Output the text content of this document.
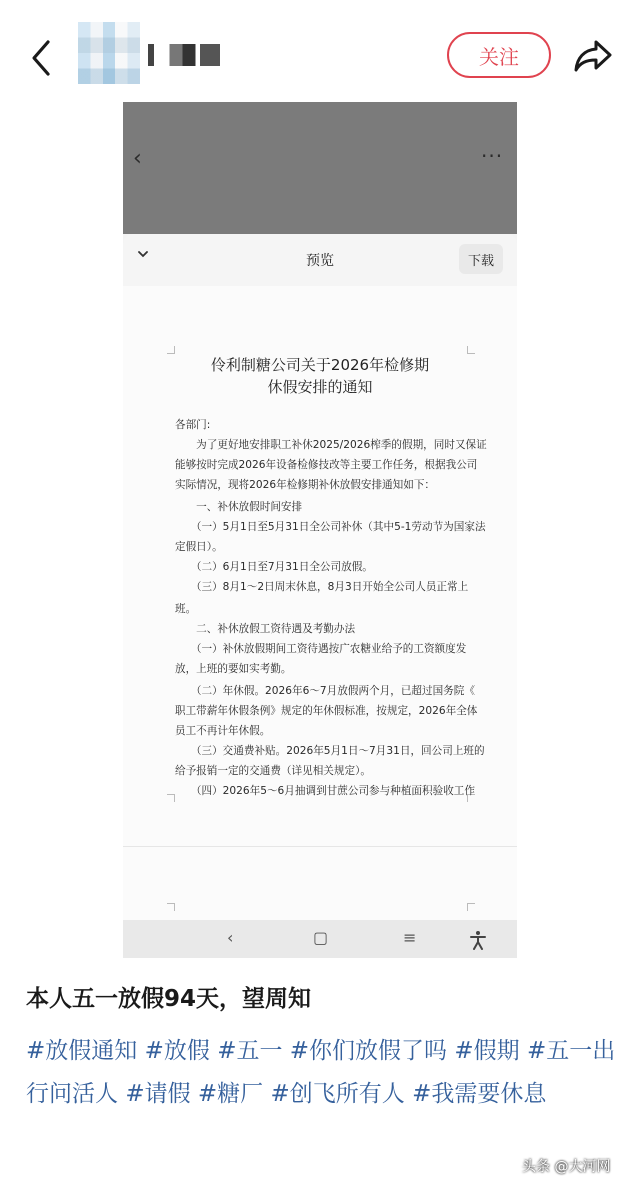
关注
‹	···
预览	下载
伶利制糖公司关于2026年检修期
休假安排的通知
各部门:
　　为了更好地安排职工补休2025/2026榨季的假期，同时又保证
能够按时完成2026年设备检修技改等主要工作任务，根据我公司
实际情况，现将2026年检修期补休放假安排通知如下：
　　一、补休放假时间安排
　　（一）5月1日至5月31日全公司补休（其中5-1劳动节为国家法
定假日）。
　　（二）6月1日至7月31日全公司放假。
　　（三）8月1～2日周末休息，8月3日开始全公司人员正常上
班。
　　二、补休放假工资待遇及考勤办法
　　（一）补休放假期间工资待遇按广农糖业给予的工资额度发
放，上班的要如实考勤。
　　（二）年休假。2026年6～7月放假两个月，已超过国务院《
职工带薪年休假条例》规定的年休假标准，按规定，2026年全体
员工不再计年休假。
　　（三）交通费补贴。2026年5月1日～7月31日，回公司上班的
给予报销一定的交通费（详见相关规定）。
　　（四）2026年5～6月抽调到甘蔗公司参与种植面积验收工作
‹	▢	≡
本人五一放假94天，望周知
#放假通知 #放假 #五一 #你们放假了吗 #假期 #五一出行问活人 #请假 #糖厂 #创飞所有人 #我需要休息
头条 @大河网
